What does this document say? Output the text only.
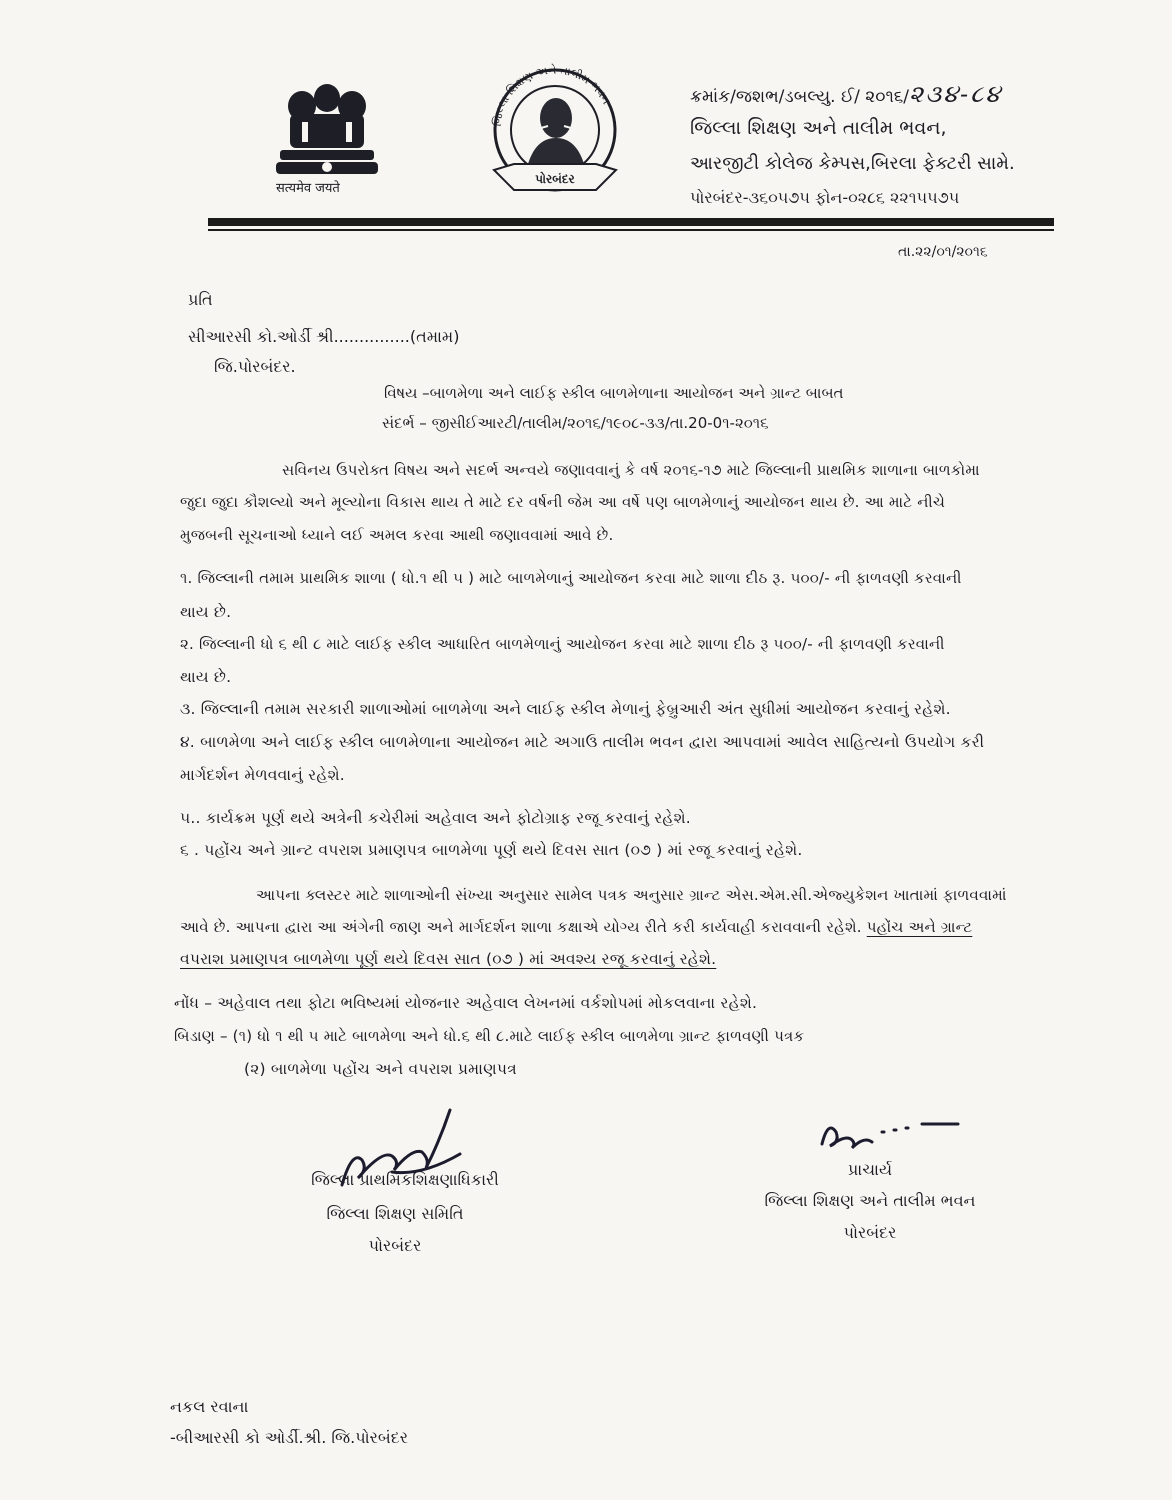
सत्यमेव जयते
જિલ્લા શિક્ષણ અને તાલીમ ભવન
પોરબંદર
ક્રમાંક/જશભ/ડબલ્યુ. ઈ/ ૨૦૧૬/૨૩૪-૮૪
જિલ્લા શિક્ષણ અને તાલીમ ભવન,
આરજીટી કોલેજ કેમ્પસ,બિરલા ફેક્ટરી સામે.
પોરબંદર-૩૬૦૫૭૫ ફોન-૦૨૮૬ ૨૨૧૫૫૭૫
તા.૨૨/૦૧/૨૦૧૬
પ્રતિ
સીઆરસી કો.ઓર્ડી શ્રી...............(તમામ)
જિ.પોરબંદર.
વિષય –બાળમેળા અને લાઈફ સ્કીલ બાળમેળાના આયોજન અને ગ્રાન્ટ બાબત
સંદર્ભ – જીસીઈઆરટી/તાલીમ/૨૦૧૬/૧૯૦૮-૩૩/તા.20-0૧-૨૦૧૬
સવિનય ઉપરોક્ત વિષય અને સદર્ભ અન્વયે જણાવવાનું કે વર્ષ ૨૦૧૬-૧૭ માટે જિલ્લાની પ્રાથમિક શાળાના બાળકોમા
જુદા જુદા કૌશલ્યો અને મૂલ્યોના વિકાસ થાય તે માટે દર વર્ષની જેમ આ વર્ષે પણ બાળમેળાનું આયોજન થાય છે. આ માટે નીચે
મુજબની સૂચનાઓ ધ્યાને લઈ અમલ કરવા આથી જણાવવામાં આવે છે.
૧. જિલ્લાની તમામ પ્રાથમિક શાળા ( ધો.૧ થી ૫ ) માટે બાળમેળાનું આયોજન કરવા માટે શાળા દીઠ રૂ. ૫૦૦/- ની ફાળવણી કરવાની
થાય છે.
૨. જિલ્લાની ધો ૬ થી ૮ માટે લાઈફ સ્કીલ આધારિત બાળમેળાનું આયોજન કરવા માટે શાળા દીઠ રૂ ૫૦૦/- ની ફાળવણી કરવાની
થાય છે.
૩. જિલ્લાની તમામ સરકારી શાળાઓમાં બાળમેળા અને લાઈફ સ્કીલ મેળાનું ફેબ્રુઆરી અંત સુધીમાં આયોજન કરવાનું રહેશે.
૪. બાળમેળા અને લાઈફ સ્કીલ બાળમેળાના આયોજન માટે અગાઉ તાલીમ ભવન દ્વારા આપવામાં આવેલ સાહિત્યનો ઉપયોગ કરી
માર્ગદર્શન મેળવવાનું રહેશે.
૫.. કાર્યક્રમ પૂર્ણ થયે અત્રેની કચેરીમાં અહેવાલ અને ફોટોગ્રાફ રજૂ કરવાનું રહેશે.
૬ . પહોંચ અને ગ્રાન્ટ વપરાશ પ્રમાણપત્ર બાળમેળા પૂર્ણ થયે દિવસ સાત (૦૭ ) માં રજૂ કરવાનું રહેશે.
આપના ક્લસ્ટર માટે શાળાઓની સંખ્યા અનુસાર સામેલ પત્રક અનુસાર ગ્રાન્ટ એસ.એમ.સી.એજ્યુકેશન ખાતામાં ફાળવવામાં
આવે છે. આપના દ્વારા આ અંગેની જાણ અને માર્ગદર્શન શાળા કક્ષાએ યોગ્ય રીતે કરી કાર્યવાહી કરાવવાની રહેશે. પહોંચ અને ગ્રાન્ટ
વપરાશ પ્રમાણપત્ર બાળમેળા પૂર્ણ થયે દિવસ સાત (૦૭ ) માં અવશ્ય રજૂ કરવાનું રહેશે.
નોંધ – અહેવાલ તથા ફોટા ભવિષ્યમાં યોજનાર અહેવાલ લેખનમાં વર્કશોપમાં મોકલવાના રહેશે.
બિડાણ – (૧) ધો ૧ થી ૫ માટે બાળમેળા અને ધો.૬ થી ૮.માટે લાઈફ સ્કીલ બાળમેળા ગ્રાન્ટ ફાળવણી પત્રક
(૨) બાળમેળા પહોંચ અને વપરાશ પ્રમાણપત્ર
જિલ્લા પ્રાથમિકશિક્ષણાધિકારી
જિલ્લા શિક્ષણ સમિતિ
પોરબંદર
પ્રાચાર્ય
જિલ્લા શિક્ષણ અને તાલીમ ભવન
પોરબંદર
નકલ રવાના
-બીઆરસી કો ઓર્ડી.શ્રી. જિ.પોરબંદર
